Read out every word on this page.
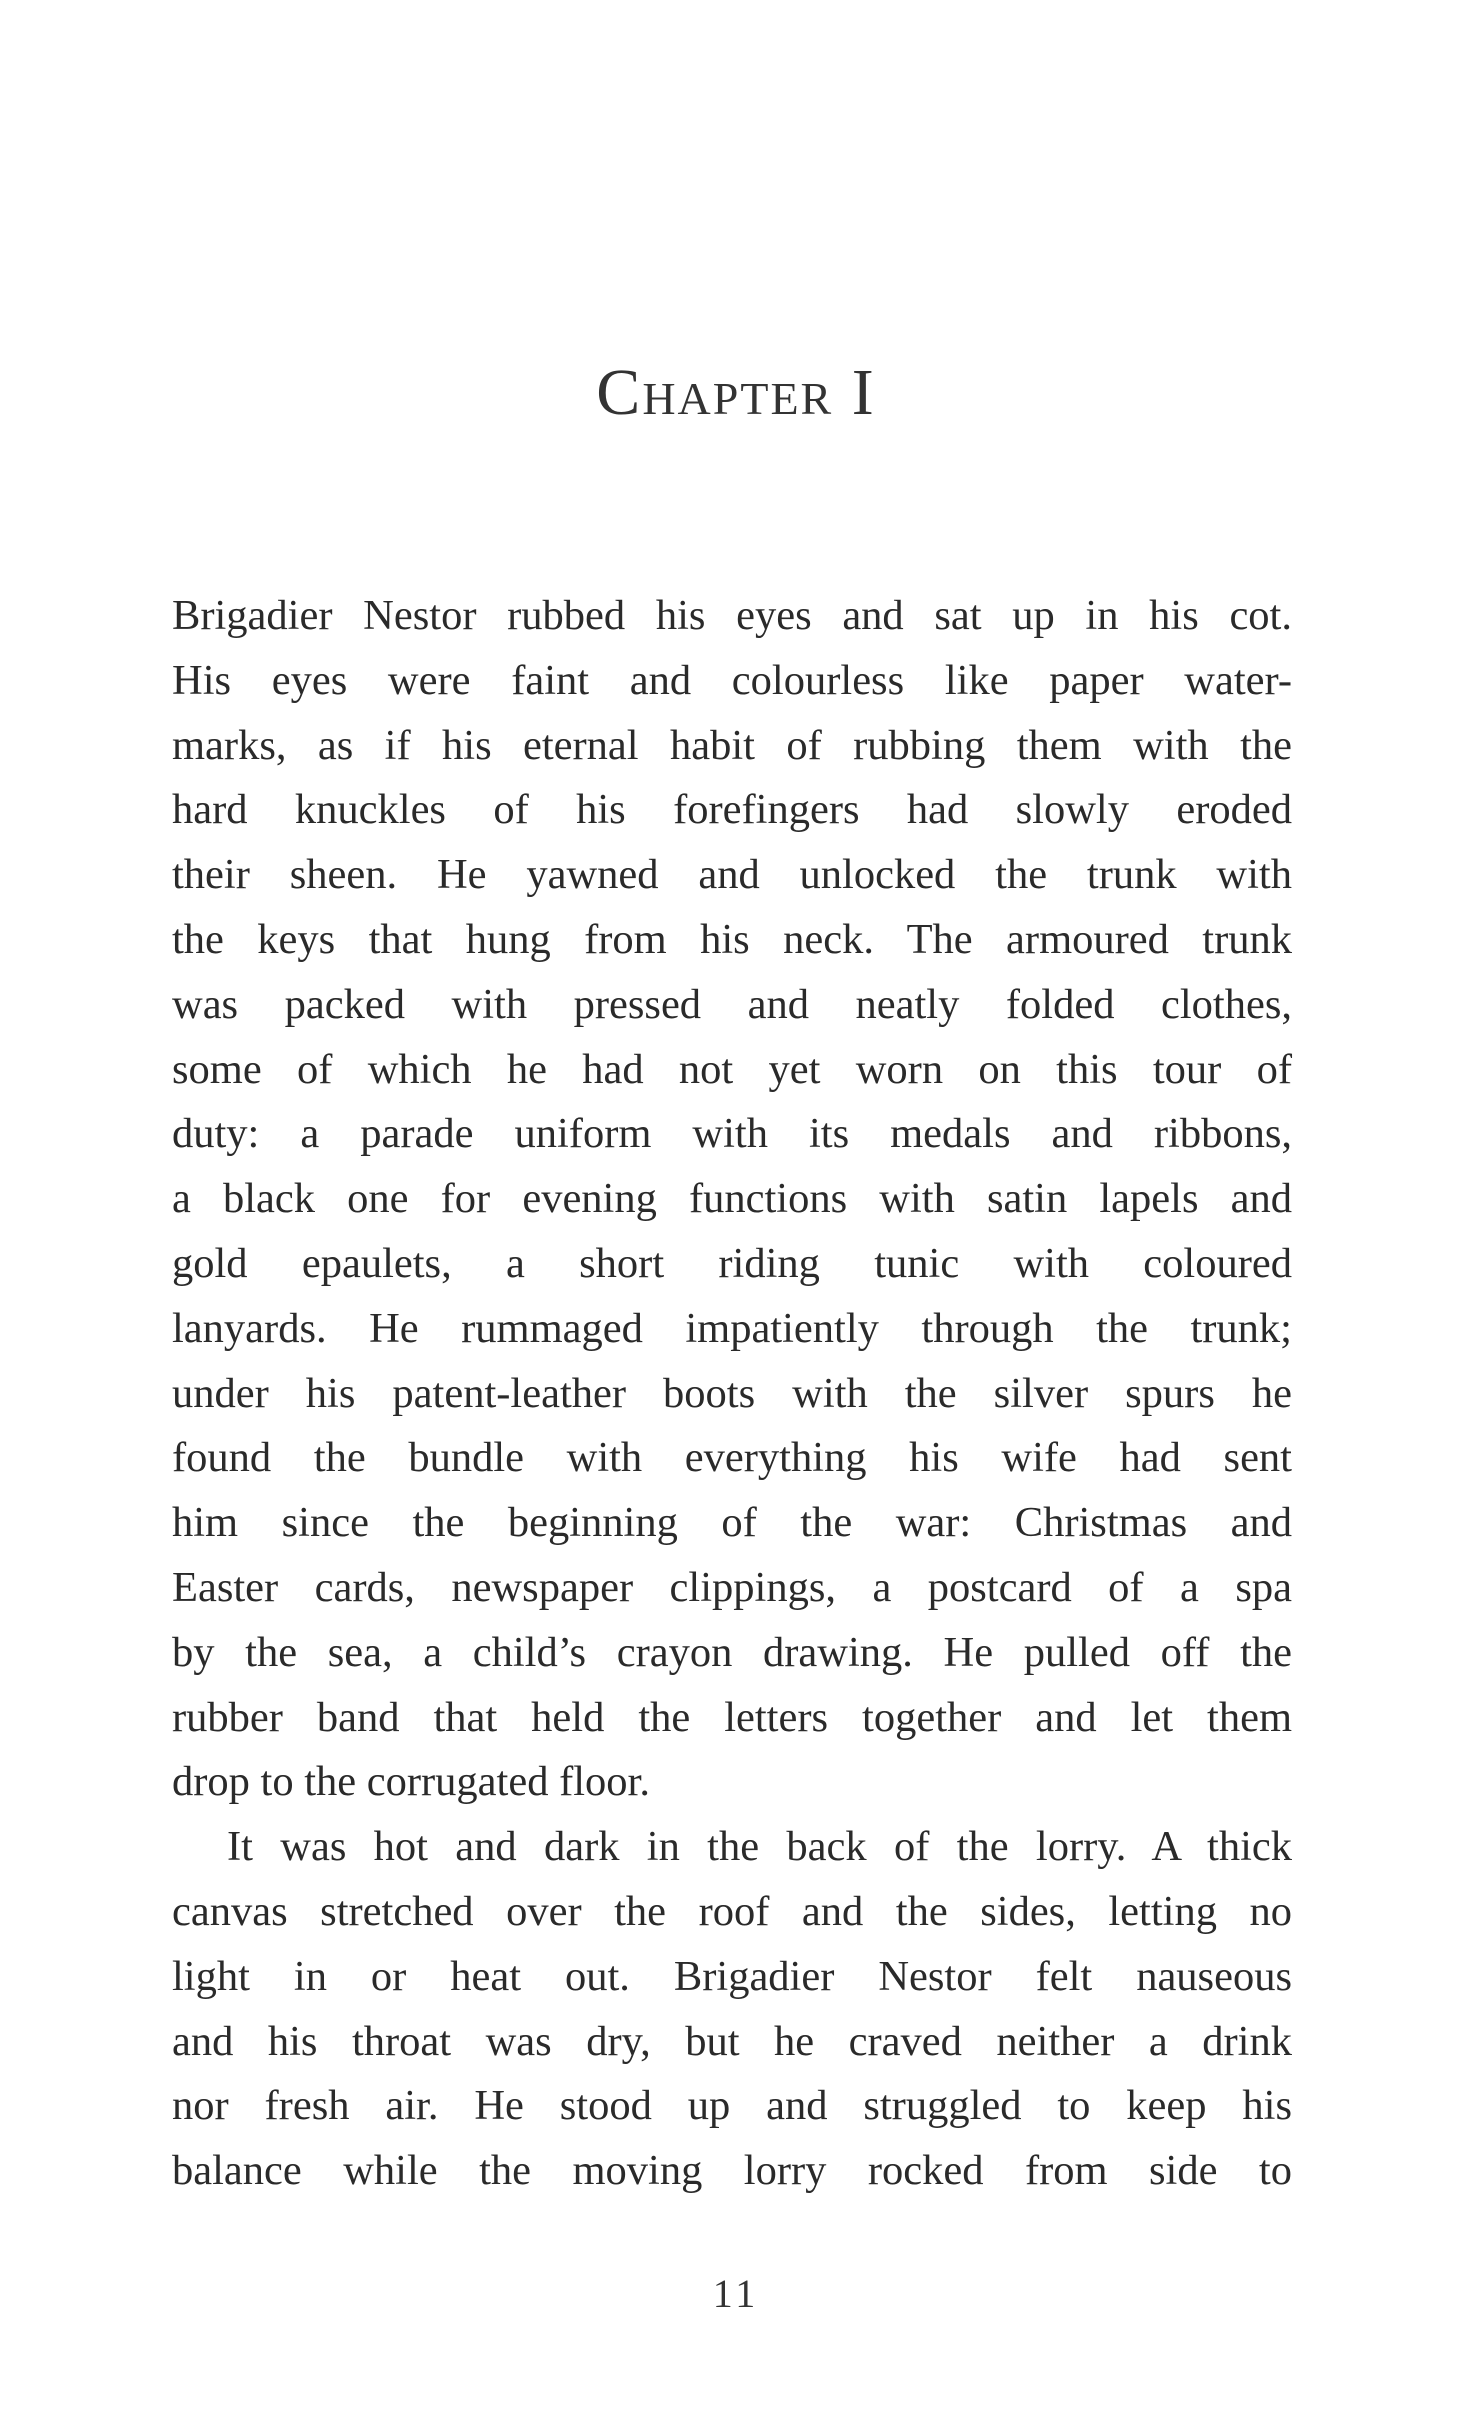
Chapter I
Brigadier Nestor rubbed his eyes and sat up in his cot.
His eyes were faint and colourless like paper water-
marks, as if his eternal habit of rubbing them with the
hard knuckles of his forefingers had slowly eroded
their sheen. He yawned and unlocked the trunk with
the keys that hung from his neck. The armoured trunk
was packed with pressed and neatly folded clothes,
some of which he had not yet worn on this tour of
duty: a parade uniform with its medals and ribbons,
a black one for evening functions with satin lapels and
gold epaulets, a short riding tunic with coloured
lanyards. He rummaged impatiently through the trunk;
under his patent-leather boots with the silver spurs he
found the bundle with everything his wife had sent
him since the beginning of the war: Christmas and
Easter cards, newspaper clippings, a postcard of a spa
by the sea, a child’s crayon drawing. He pulled off the
rubber band that held the letters together and let them
drop to the corrugated floor.
It was hot and dark in the back of the lorry. A thick
canvas stretched over the roof and the sides, letting no
light in or heat out. Brigadier Nestor felt nauseous
and his throat was dry, but he craved neither a drink
nor fresh air. He stood up and struggled to keep his
balance while the moving lorry rocked from side to
11
